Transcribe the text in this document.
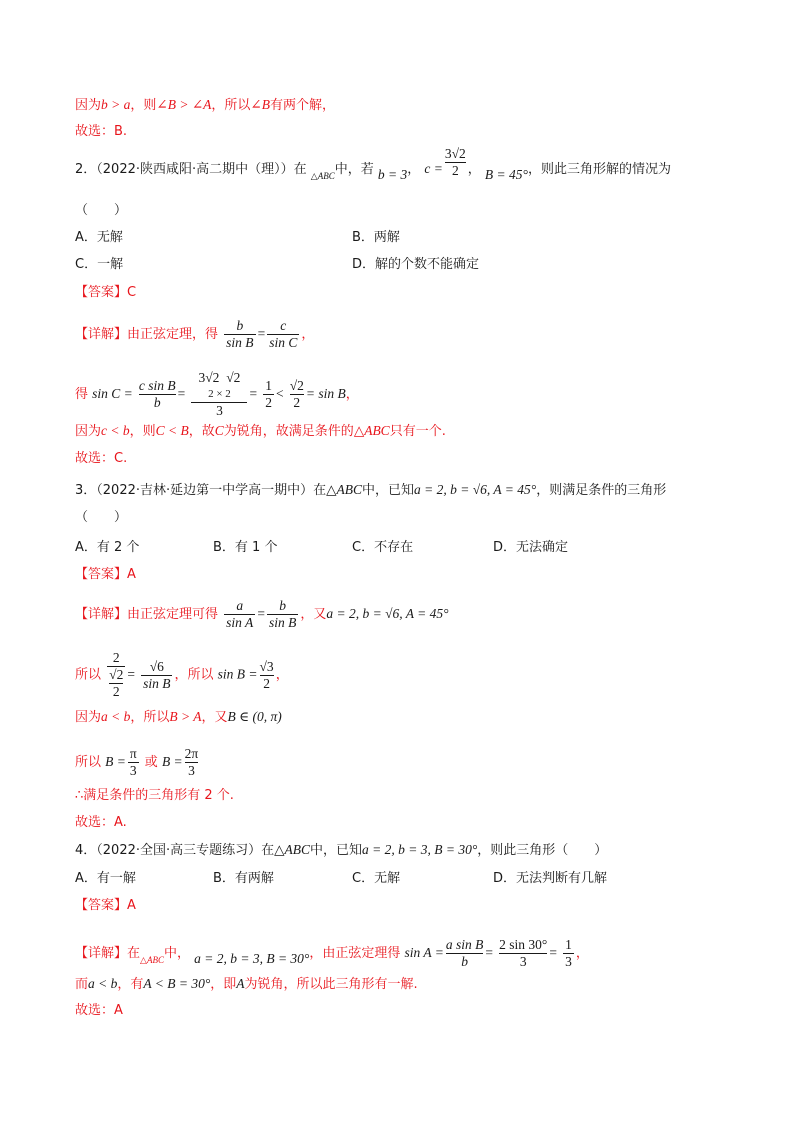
因为b > a，则∠B > ∠A，所以∠B有两个解，
故选：B.
2．（2022·陕西咸阳·高二期中（理））在 $_{\triangle ABC}$中，若 b = 3， $c = \frac{3√2}{2}$ ， B = 45°，则此三角形解的情况为
（　　）
A．无解	B．两解
C．一解	D．解的个数不能确定
【答案】C
【详解】由正弦定理，得 $\frac{b}{\text{sin B}} = \frac{c}{\text{sin C}}$ ，
得 $\sin C = \frac{\text{c sin B}}{b}$ =
3√2 √2
2 × 2
3
= $\frac{1}{2} < \frac{√2}{2} = \sin B$，
因为c < b，则C < B，故C为锐角，故满足条件的△ABC只有一个.
故选：C.
3．（2022·吉林·延边第一中学高一期中）在△ABC中，已知a = 2, b = √6, A = 45°，则满足条件的三角形
（　　）
A．有 2 个	B．有 1 个	C．不存在	D．无法确定
【答案】A
【详解】由正弦定理可得 $\frac{a}{\text{sin A}} = \frac{b}{\text{sin B}}$ ，又a = 2, b = √6, A = 45°
所以 $\frac{2}{\frac{√2}{2}} = \frac{√6}{\text{sin B}}$ ，所以 $\sin B = \frac{√3}{2}$ ，
因为a < b，所以B > A，又B ∈ (0, π)
所以 $B = \frac{\pi}{3}$ 或 $B = \frac{2\pi}{3}$
∴满足条件的三角形有 2 个.
故选：A.
4．（2022·全国·高三专题练习）在△ABC中，已知a = 2, b = 3, B = 30°，则此三角形（　　）
A．有一解	B．有两解	C．无解	D．无法判断有几解
【答案】A
【详解】在$_{\triangle ABC}$中， a = 2, b = 3, B = 30°，由正弦定理得 $\sin A = \frac{\text{a sin B}}{b} = \frac{2 \sin 30^\circ}{3} = \frac{1}{3}$ ，
而a < b，有A < B = 30°，即A为锐角，所以此三角形有一解.
故选：A
